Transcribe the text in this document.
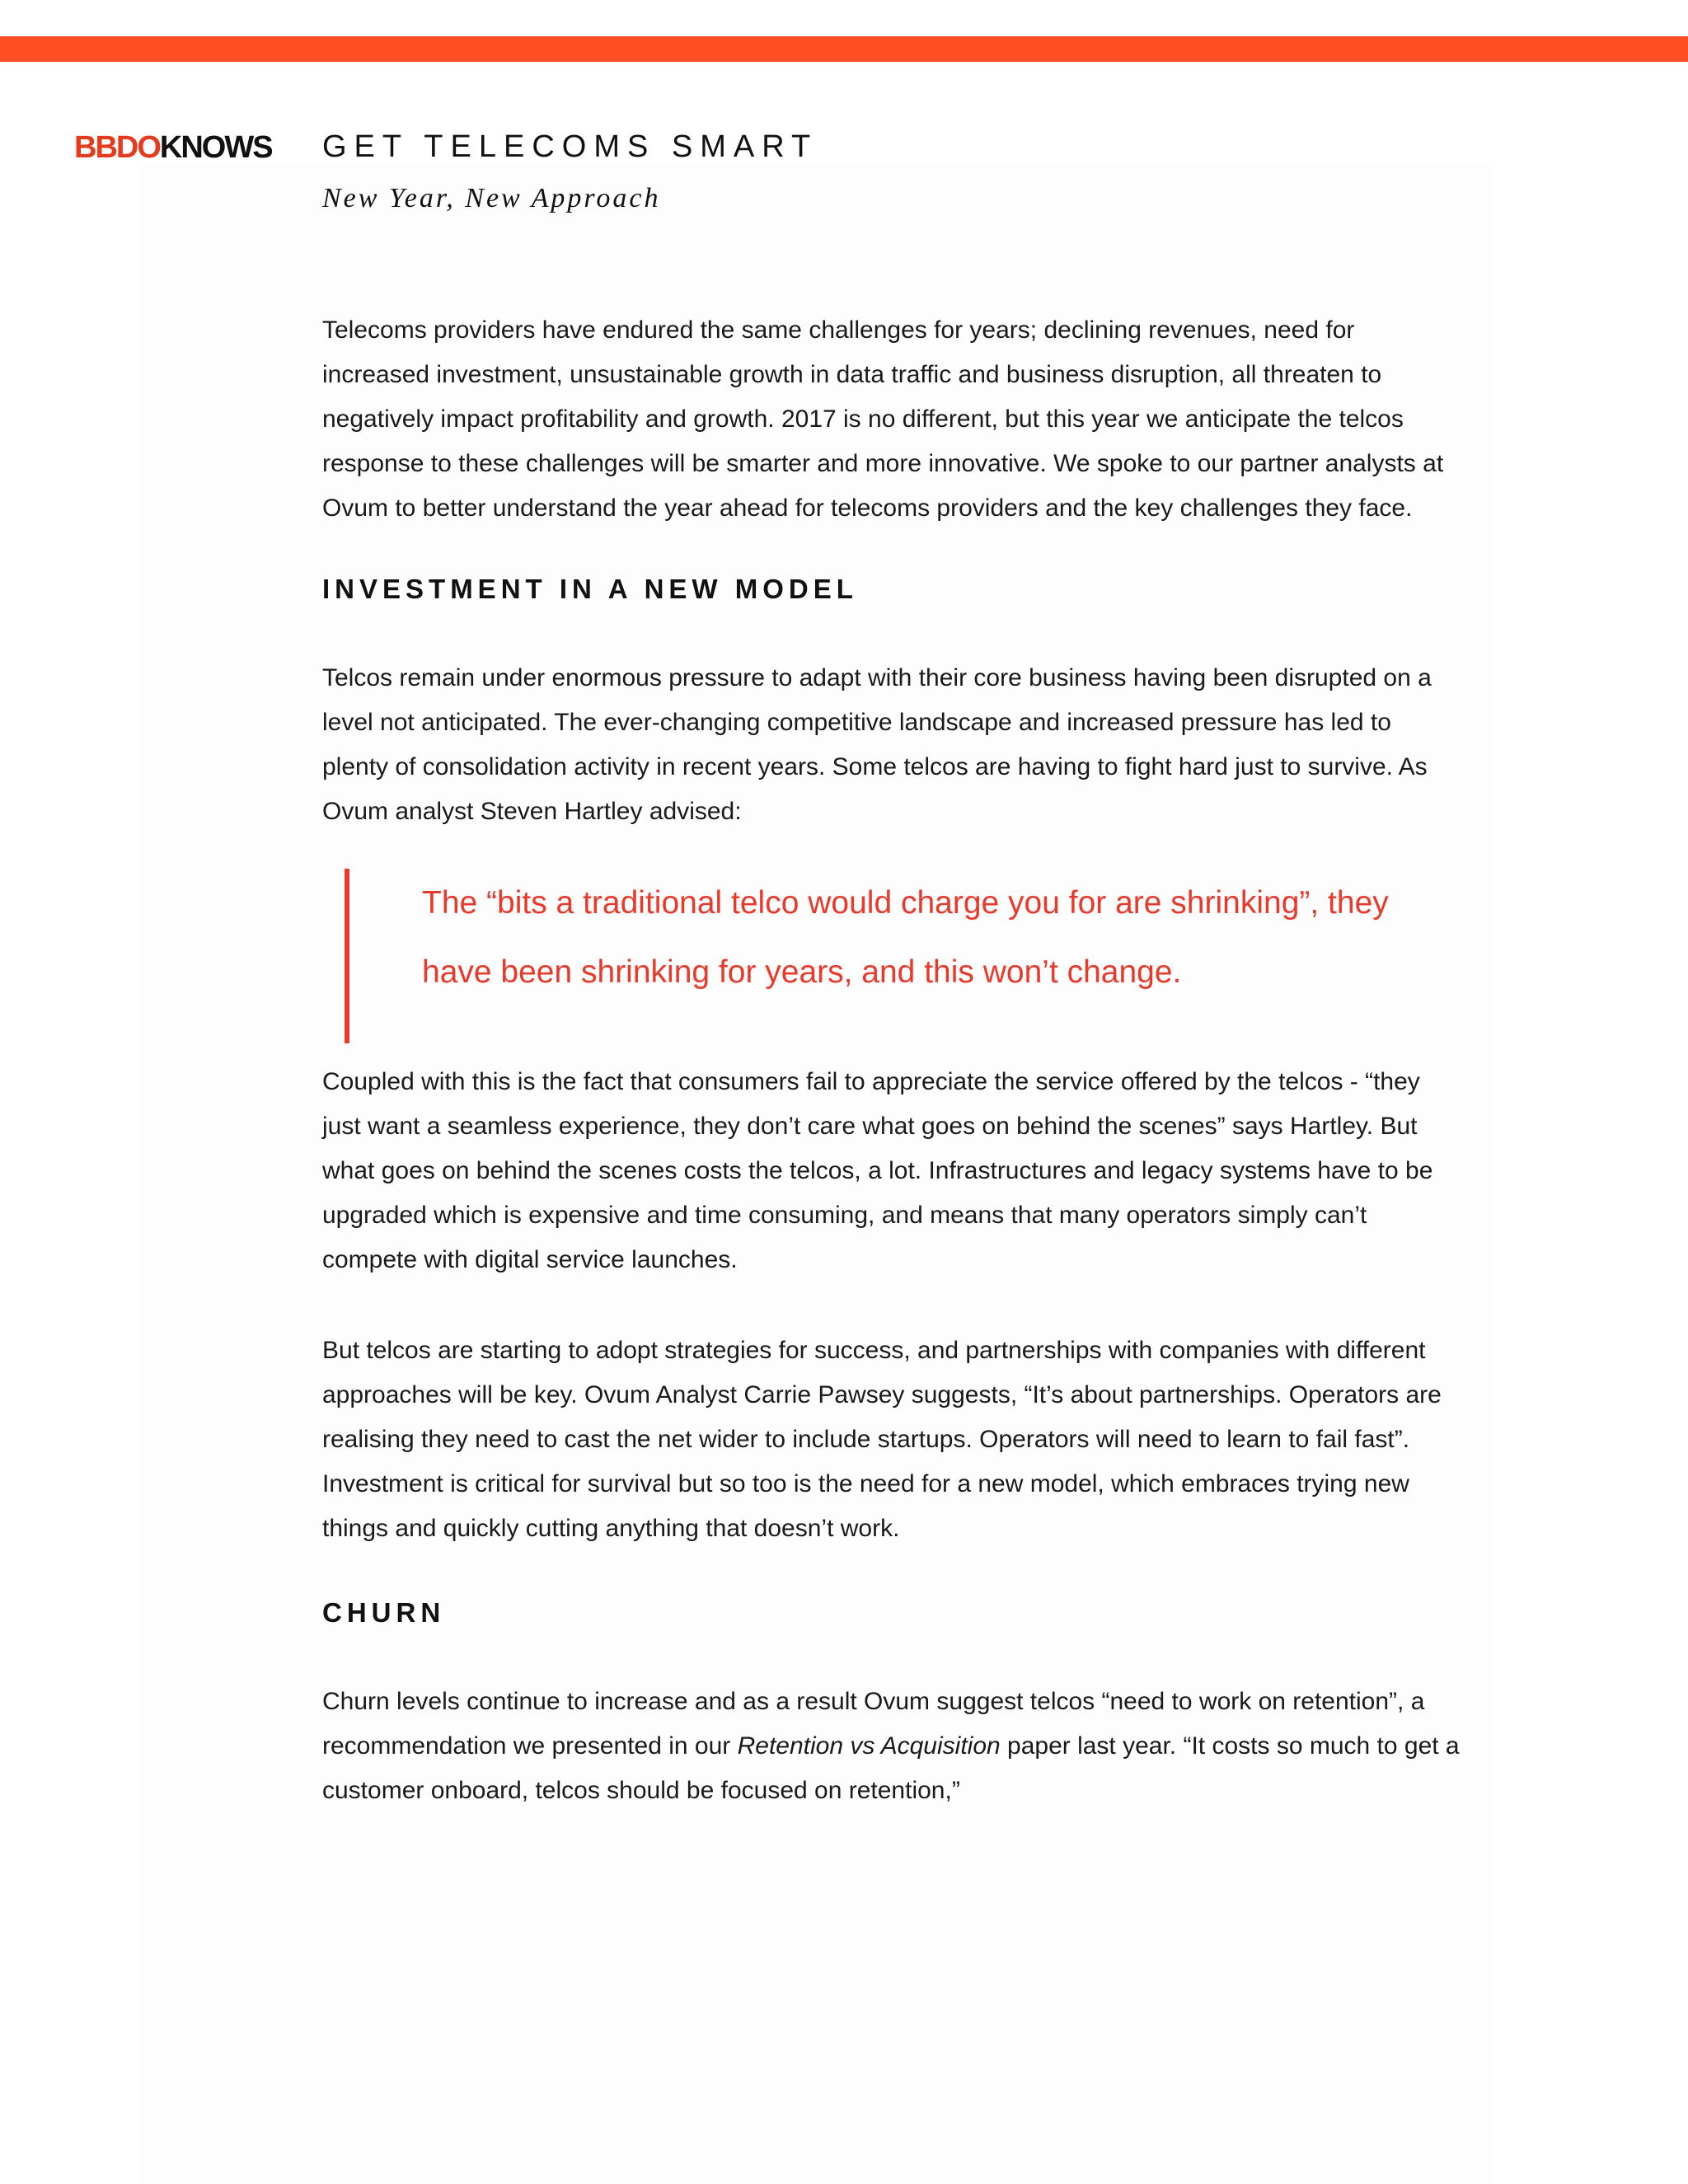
BBDOKNOWS GET TELECOMS SMART
New Year, New Approach

Telecoms providers have endured the same challenges for years; declining revenues, need for increased investment, unsustainable growth in data traffic and business disruption, all threaten to negatively impact profitability and growth. 2017 is no different, but this year we anticipate the telcos response to these challenges will be smarter and more innovative. We spoke to our partner analysts at Ovum to better understand the year ahead for telecoms providers and the key challenges they face.

INVESTMENT IN A NEW MODEL

Telcos remain under enormous pressure to adapt with their core business having been disrupted on a level not anticipated. The ever-changing competitive landscape and increased pressure has led to plenty of consolidation activity in recent years. Some telcos are having to fight hard just to survive. As Ovum analyst Steven Hartley advised:

The “bits a traditional telco would charge you for are shrinking”, they have been shrinking for years, and this won’t change.

Coupled with this is the fact that consumers fail to appreciate the service offered by the telcos - “they just want a seamless experience, they don’t care what goes on behind the scenes” says Hartley. But what goes on behind the scenes costs the telcos, a lot. Infrastructures and legacy systems have to be upgraded which is expensive and time consuming, and means that many operators simply can’t compete with digital service launches.

But telcos are starting to adopt strategies for success, and partnerships with companies with different approaches will be key. Ovum Analyst Carrie Pawsey suggests, “It’s about partnerships. Operators are realising they need to cast the net wider to include startups. Operators will need to learn to fail fast”. Investment is critical for survival but so too is the need for a new model, which embraces trying new things and quickly cutting anything that doesn’t work.

CHURN

Churn levels continue to increase and as a result Ovum suggest telcos “need to work on retention”, a recommendation we presented in our Retention vs Acquisition paper last year. “It costs so much to get a customer onboard, telcos should be focused on retention,”
